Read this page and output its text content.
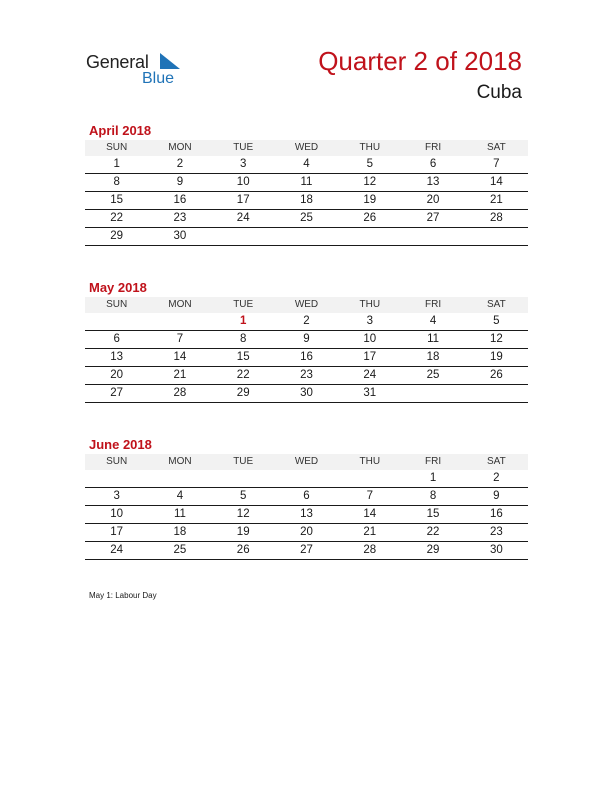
General
Blue
Quarter 2 of 2018
Cuba
April 2018
SUN	MON	TUE	WED	THU	FRI	SAT
1	2	3	4	5	6	7
8	9	10	11	12	13	14
15	16	17	18	19	20	21
22	23	24	25	26	27	28
29	30					
May 2018
SUN	MON	TUE	WED	THU	FRI	SAT
		1	2	3	4	5
6	7	8	9	10	11	12
13	14	15	16	17	18	19
20	21	22	23	24	25	26
27	28	29	30	31		
June 2018
SUN	MON	TUE	WED	THU	FRI	SAT
					1	2
3	4	5	6	7	8	9
10	11	12	13	14	15	16
17	18	19	20	21	22	23
24	25	26	27	28	29	30
May 1: Labour Day
